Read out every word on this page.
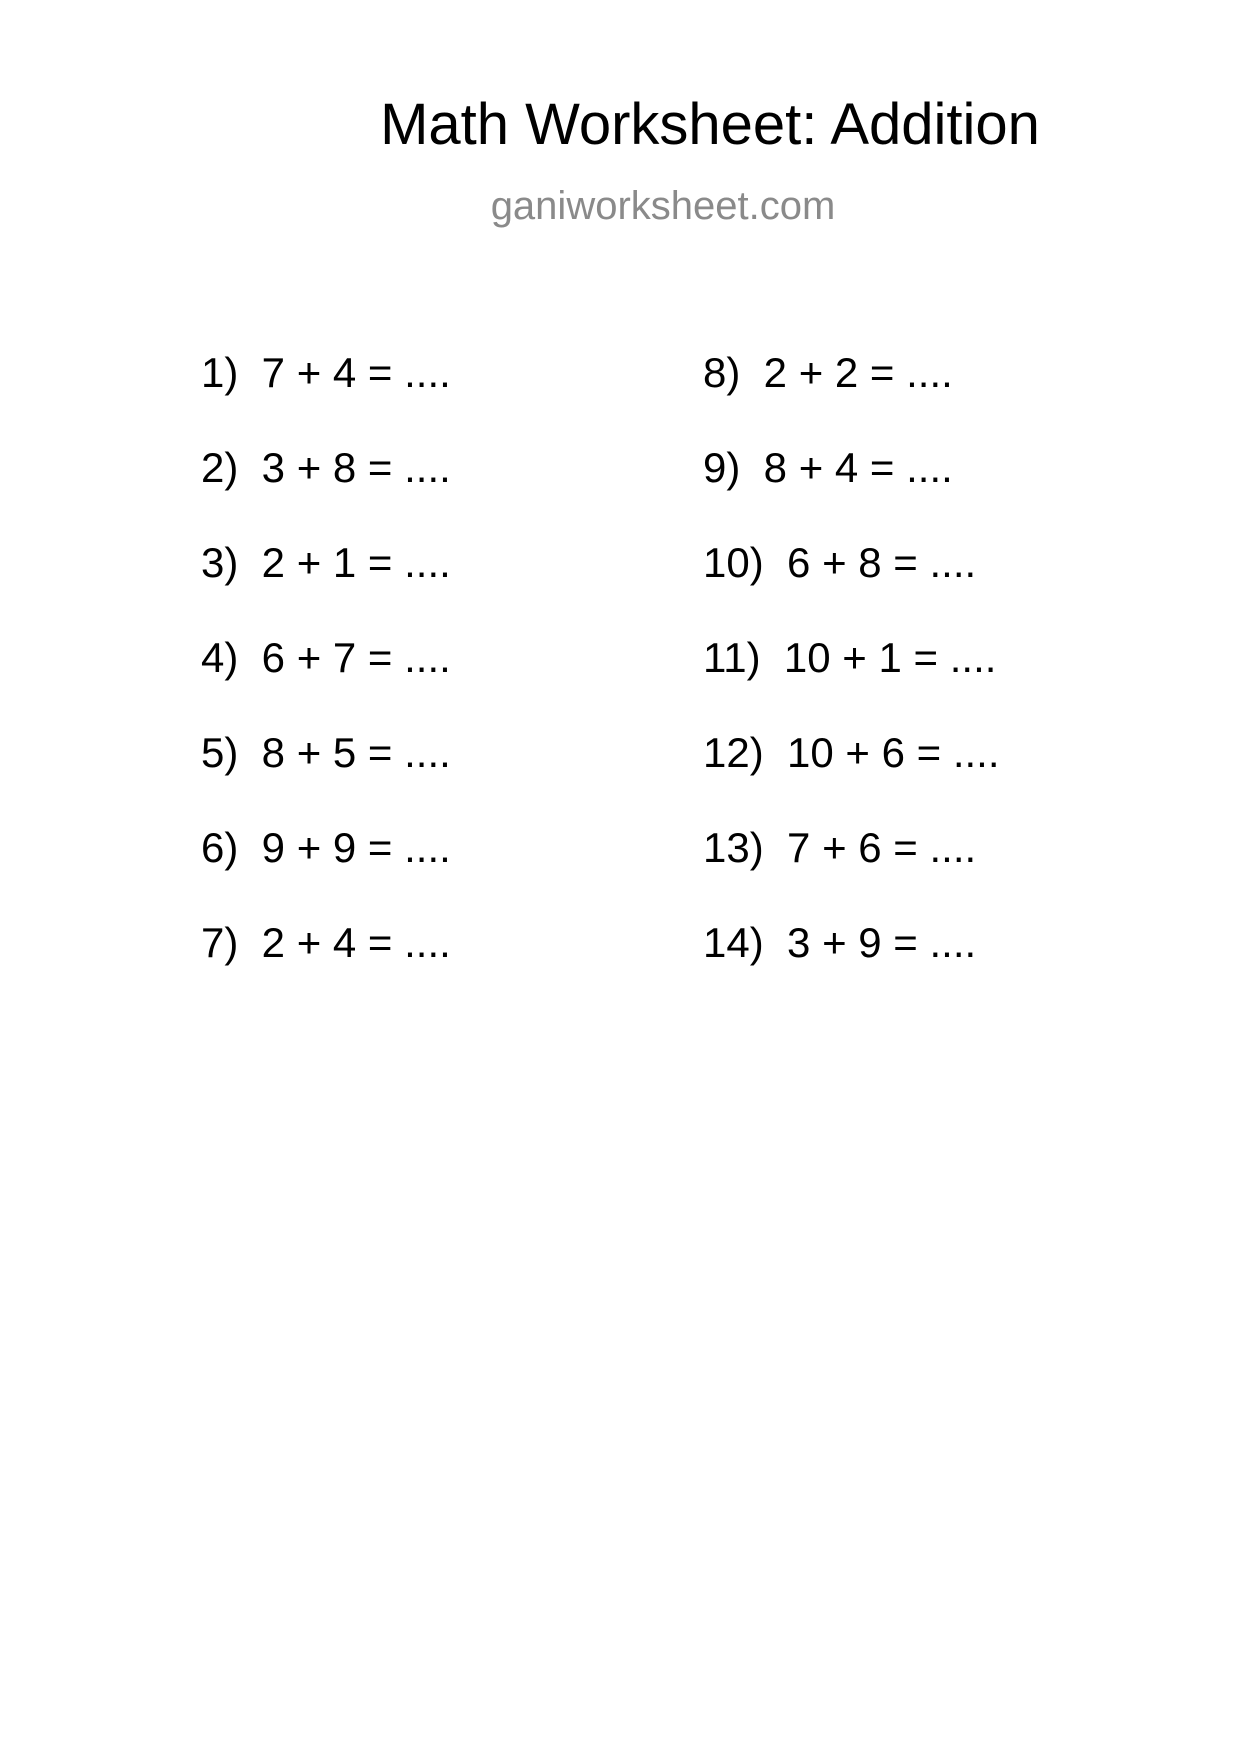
Math Worksheet: Addition

ganiworksheet.com

1)  7 + 4 = ....
2)  3 + 8 = ....
3)  2 + 1 = ....
4)  6 + 7 = ....
5)  8 + 5 = ....
6)  9 + 9 = ....
7)  2 + 4 = ....
8)  2 + 2 = ....
9)  8 + 4 = ....
10)  6 + 8 = ....
11)  10 + 1 = ....
12)  10 + 6 = ....
13)  7 + 6 = ....
14)  3 + 9 = ....
